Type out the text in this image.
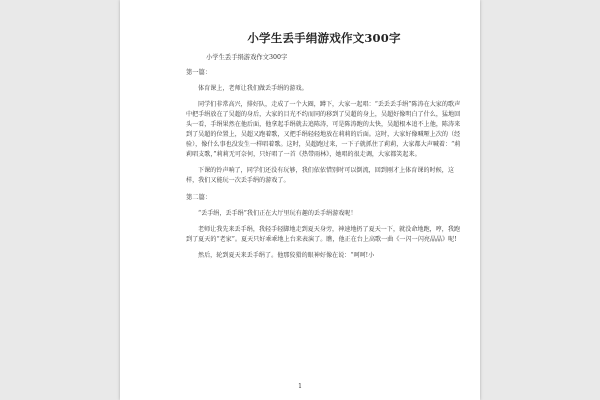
小学生丢手绢游戏作文300字
小学生丢手绢游戏作文300字
第一篇：

体育课上，老师让我们做丢手绢的游戏。

同学们非常高兴，排好队，走成了一个大圈，蹲下，大家一起唱：“丢丢丢手绢”陈涛在大家的歌声中把手绢放在了吴超的身后，大家的目光不约而同的移到了吴超的身上，吴超好像明白了什么，猛地回头一看，手绢果然在他后面，他拿起手绢就去追陈涛，可是陈涛跑的太快，吴超根本追不上他，陈涛来到了吴超的位置上，吴超又跑着歌，又把手绢轻轻地放在莉莉的后面。这时，大家好像喊哑上次的（经验），像什么事也没发生一样唱着歌。这时，吴超跑过来，一下子就抓住了莉莉，大家都大声喊着：“莉莉唱支歌，”莉莉无可奈何，只好唱了一首《热带雨林》，她唱的很走调，大家都笑起来。

下课的铃声响了，同学们还没有玩够，我们依依惜别时可以倒流，回到刚才上体育课的时候，这样，我们又能玩一次丢手绢的游戏了。

第二篇：

“丢手绢，丢手绢”我们正在大厅里玩有趣的丢手绢游戏呢！

老师让我先来丢手绢，我轻手轻脚地走到夏天身旁，神速地扔了夏天一下，就没命地跑，哼，我跑到了夏天的“老家”。夏天只好乖乖地上台来表演了。瞧，他正在台上高歌一曲《一闪一闪亮晶晶》呢!

然后，轮到夏天来丢手绢了。他那狡猾的眼神好像在说：“呵呵!小

1
